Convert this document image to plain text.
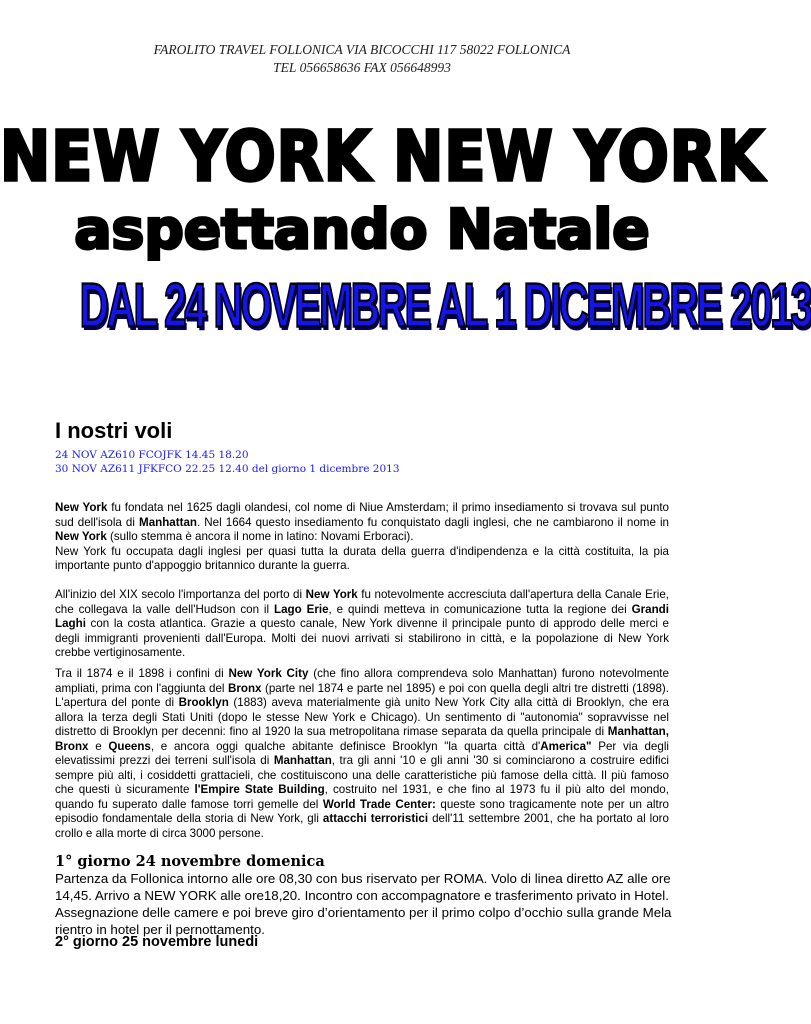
FAROLITO TRAVEL FOLLONICA VIA BICOCCHI 117 58022 FOLLONICA
TEL 056658636 FAX 056648993
NEW YORK NEW YORK
aspettando Natale
DAL 24 NOVEMBRE AL 1 DICEMBRE 2013
I nostri voli
24 NOV AZ610 FCOJFK 14.45 18.20
30 NOV AZ611 JFKFCO 22.25 12.40 del giorno 1 dicembre 2013
New York fu fondata nel 1625 dagli olandesi, col nome di Niue Amsterdam; il primo insediamento si trovava sul punto sud dell'isola di Manhattan. Nel 1664 questo insediamento fu conquistato dagli inglesi, che ne cambiarono il nome in New York (sullo stemma è ancora il nome in latino: Novami Erboraci).
New York fu occupata dagli inglesi per quasi tutta la durata della guerra d'indipendenza e la città costituita, la pia importante punto d'appoggio britannico durante la guerra.
All'inizio del XIX secolo l'importanza del porto di New York fu notevolmente accresciuta dall'apertura della Canale Erie, che collegava la valle dell'Hudson con il Lago Erie, e quindi metteva in comunicazione tutta la regione dei Grandi Laghi con la costa atlantica. Grazie a questo canale, New York divenne il principale punto di approdo delle merci e degli immigranti provenienti dall'Europa. Molti dei nuovi arrivati si stabilirono in città, e la popolazione di New York crebbe vertiginosamente.
Tra il 1874 e il 1898 i confini di New York City (che fino allora comprendeva solo Manhattan) furono notevolmente ampliati, prima con l'aggiunta del Bronx (parte nel 1874 e parte nel 1895) e poi con quella degli altri tre distretti (1898). L'apertura del ponte di Brooklyn (1883) aveva materialmente già unito New York City alla città di Brooklyn, che era allora la terza degli Stati Uniti (dopo le stesse New York e Chicago). Un sentimento di "autonomia" sopravvisse nel distretto di Brooklyn per decenni: fino al 1920 la sua metropolitana rimase separata da quella principale di Manhattan, Bronx e Queens, e ancora oggi qualche abitante definisce Brooklyn "la quarta città d'America" Per via degli elevatissimi prezzi dei terreni sull'isola di Manhattan, tra gli anni '10 e gli anni '30 si cominciarono a costruire edifici sempre più alti, i cosiddetti grattacieli, che costituiscono una delle caratteristiche più famose della città. Il più famoso che questi ù sicuramente l'Empire State Building, costruito nel 1931, e che fino al 1973 fu il più alto del mondo, quando fu superato dalle famose torri gemelle del World Trade Center: queste sono tragicamente note per un altro episodio fondamentale della storia di New York, gli attacchi terroristici dell'11 settembre 2001, che ha portato al loro crollo e alla morte di circa 3000 persone.
1° giorno 24 novembre domenica
Partenza da Follonica intorno alle ore 08,30 con bus riservato per ROMA. Volo di linea diretto AZ alle ore 14,45. Arrivo a NEW YORK alle ore18,20. Incontro con accompagnatore e trasferimento privato in Hotel. Assegnazione delle camere e poi breve giro d’orientamento per il primo colpo d’occhio sulla grande Mela rientro in hotel per il pernottamento.
2° giorno 25 novembre lunedi
